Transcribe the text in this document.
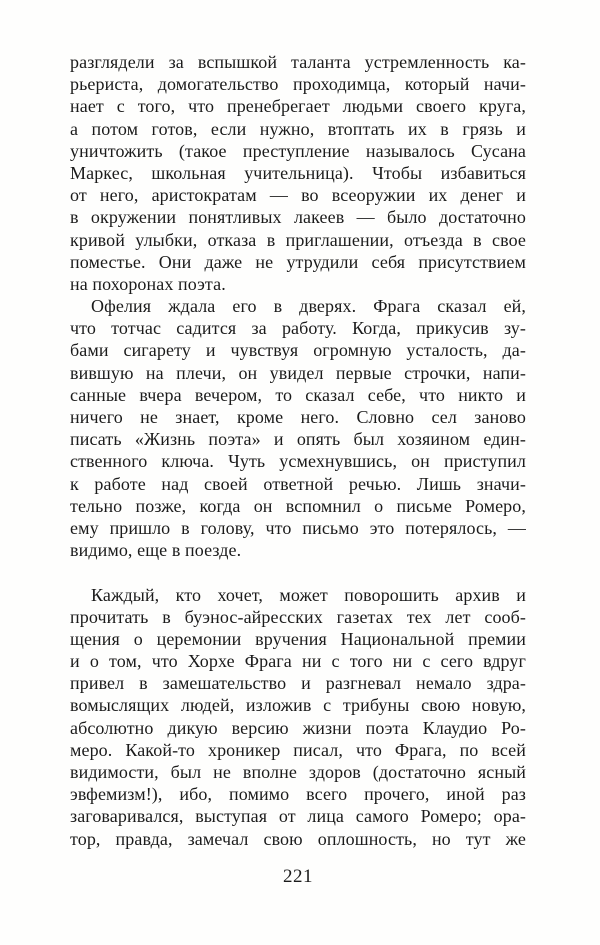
разглядели за вспышкой таланта устремленность ка-
рьериста, домогательство проходимца, который начи-
нает с того, что пренебрегает людьми своего круга,
а потом готов, если нужно, втоптать их в грязь и
уничтожить (такое преступление называлось Сусана
Маркес, школьная учительница). Чтобы избавиться
от него, аристократам — во всеоружии их денег и
в окружении понятливых лакеев — было достаточно
кривой улыбки, отказа в приглашении, отъезда в свое
поместье. Они даже не утрудили себя присутствием
на похоронах поэта.
Офелия ждала его в дверях. Фрага сказал ей,
что тотчас садится за работу. Когда, прикусив зу-
бами сигарету и чувствуя огромную усталость, да-
вившую на плечи, он увидел первые строчки, напи-
санные вчера вечером, то сказал себе, что никто и
ничего не знает, кроме него. Словно сел заново
писать «Жизнь поэта» и опять был хозяином един-
ственного ключа. Чуть усмехнувшись, он приступил
к работе над своей ответной речью. Лишь значи-
тельно позже, когда он вспомнил о письме Ромеро,
ему пришло в голову, что письмо это потерялось, —
видимо, еще в поезде.
Каждый, кто хочет, может поворошить архив и
прочитать в буэнос-айресских газетах тех лет сооб-
щения о церемонии вручения Национальной премии
и о том, что Хорхе Фрага ни с того ни с сего вдруг
привел в замешательство и разгневал немало здра-
вомыслящих людей, изложив с трибуны свою новую,
абсолютно дикую версию жизни поэта Клаудио Ро-
меро. Какой-то хроникер писал, что Фрага, по всей
видимости, был не вполне здоров (достаточно ясный
эвфемизм!), ибо, помимо всего прочего, иной раз
заговаривался, выступая от лица самого Ромеро; ора-
тор, правда, замечал свою оплошность, но тут же
221
